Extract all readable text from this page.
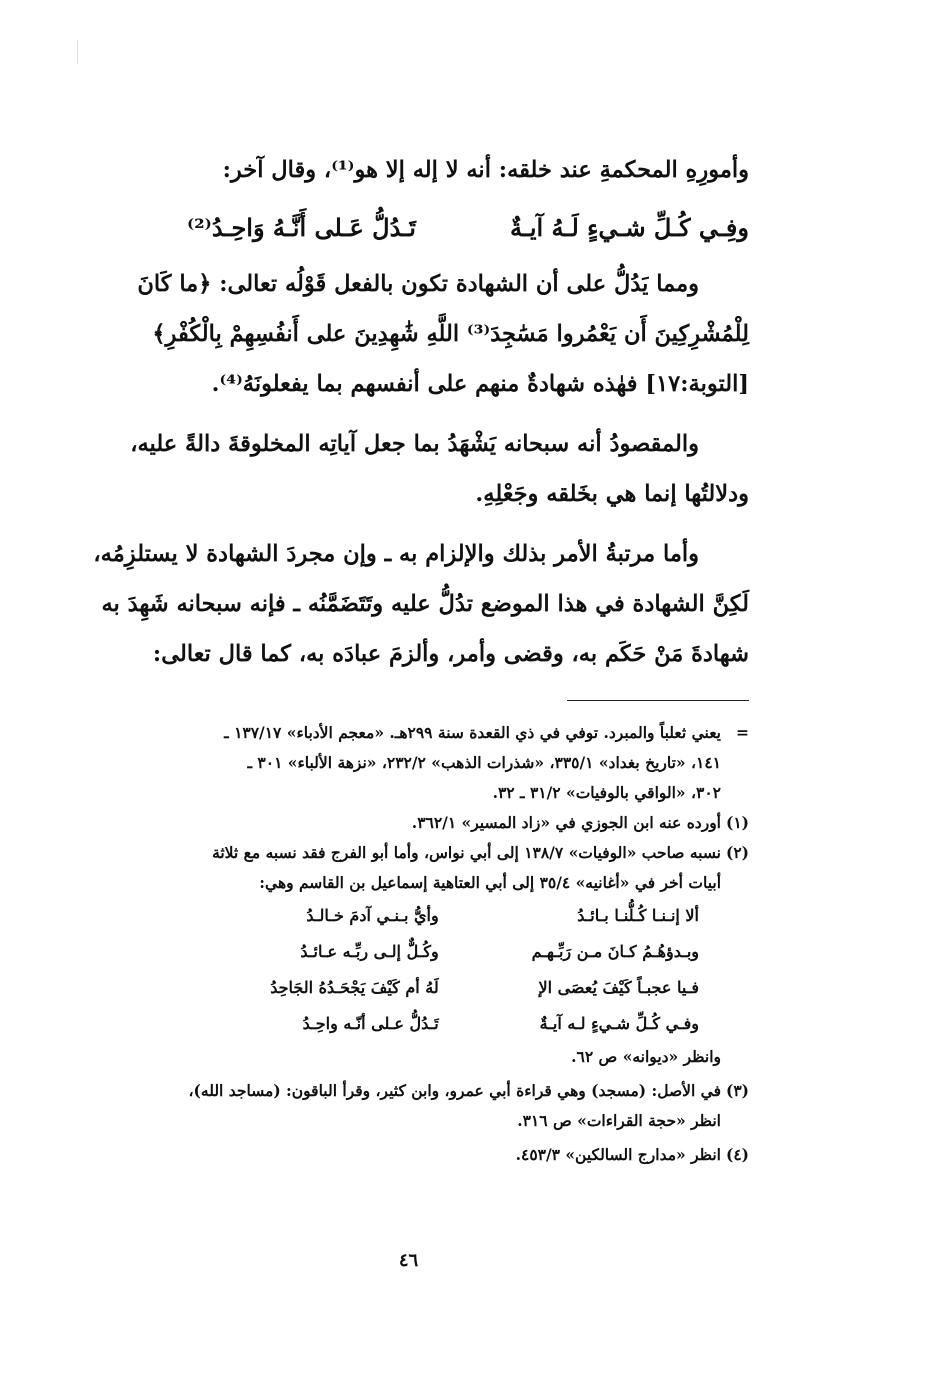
وأمورِهِ المحكمةِ عند خلقه: أنه لا إله إلا هو⁽¹⁾، وقال آخر:
وفِـي كُـلِّ شـيءٍ لَـهُ آيـةٌ
تَـدُلُّ عَـلى أَنَّـهُ وَاحِـدُ⁽²⁾
ومما يَدُلُّ على أن الشهادة تكون بالفعل قَوْلُه تعالى: ﴿ما كَانَ
لِلْمُشْرِكِينَ أَن يَعْمُروا مَسَٰجِدَ⁽³⁾ اللَّهِ شَٰهِدِينَ على أَنفُسِهِمْ بِالْكُفْرِ﴾
[التوبة:١٧] فهٰذه شهادةٌ منهم على أنفسهم بما يفعلونَهُ⁽⁴⁾.
والمقصودُ أنه سبحانه يَشْهَدُ بما جعل آياتِه المخلوقةَ دالةً عليه،
ودلالتُها إنما هي بخَلقه وجَعْلِهِ.
وأما مرتبةُ الأمر بذلك والإلزام به ـ وإن مجردَ الشهادة لا يستلزِمُه،
لَكِنَّ الشهادة في هذا الموضع تدُلُّ عليه وتَتَضَمَّنُه ـ فإنه سبحانه شَهِدَ به
شهادةَ مَنْ حَكَم به، وقضى وأمر، وألزمَ عبادَه به، كما قال تعالى:
=يعني ثعلباً والمبرد. توفي في ذي القعدة سنة ٢٩٩هـ. «معجم الأدباء» ١٣٧/١٧ ـ
١٤١، «تاريخ بغداد» ٣٣٥/١، «شذرات الذهب» ٢٣٢/٢، «نزهة الألباء» ٣٠١ ـ
٣٠٢، «الواقي بالوفيات» ٣١/٢ ـ ٣٢.
(١)أورده عنه ابن الجوزي في «زاد المسير» ٣٦٢/١.
(٢)نسبه صاحب «الوفيات» ١٣٨/٧ إلى أبي نواس، وأما أبو الفرج فقد نسبه مع ثلاثة
أبيات أخر في «أغانيه» ٣٥/٤ إلى أبي العتاهية إسماعيل بن القاسم وهي:
ألا إنـنـا كُـلُّنـا بـائـدُ
وأيُّ بـنـي آدمَ خـالـدُ
وبـدؤهُـمُ كـانَ مـن رَبِّـهـم
وكُـلٌّ إلـى ربِّـه عـائـدُ
فـيا عجبـاً كَيْفَ يُعصَى الإ
لَهُ أم كَيْفَ يَجْحَـدُهُ الجَاحِدُ
وفـي كُـلِّ شـيءٍ لـه آيـةٌ
تَـدُلُّ عـلى أنّـه واحِـدُ
وانظر «ديوانه» ص ٦٢.
(٣)في الأصل: (مسجد) وهي قراءة أبي عمرو، وابن كثير، وقرأ الباقون: (مساجد الله)،
انظر «حجة القراءات» ص ٣١٦.
(٤)انظر «مدارج السالكين» ٤٥٣/٣.
٤٦
